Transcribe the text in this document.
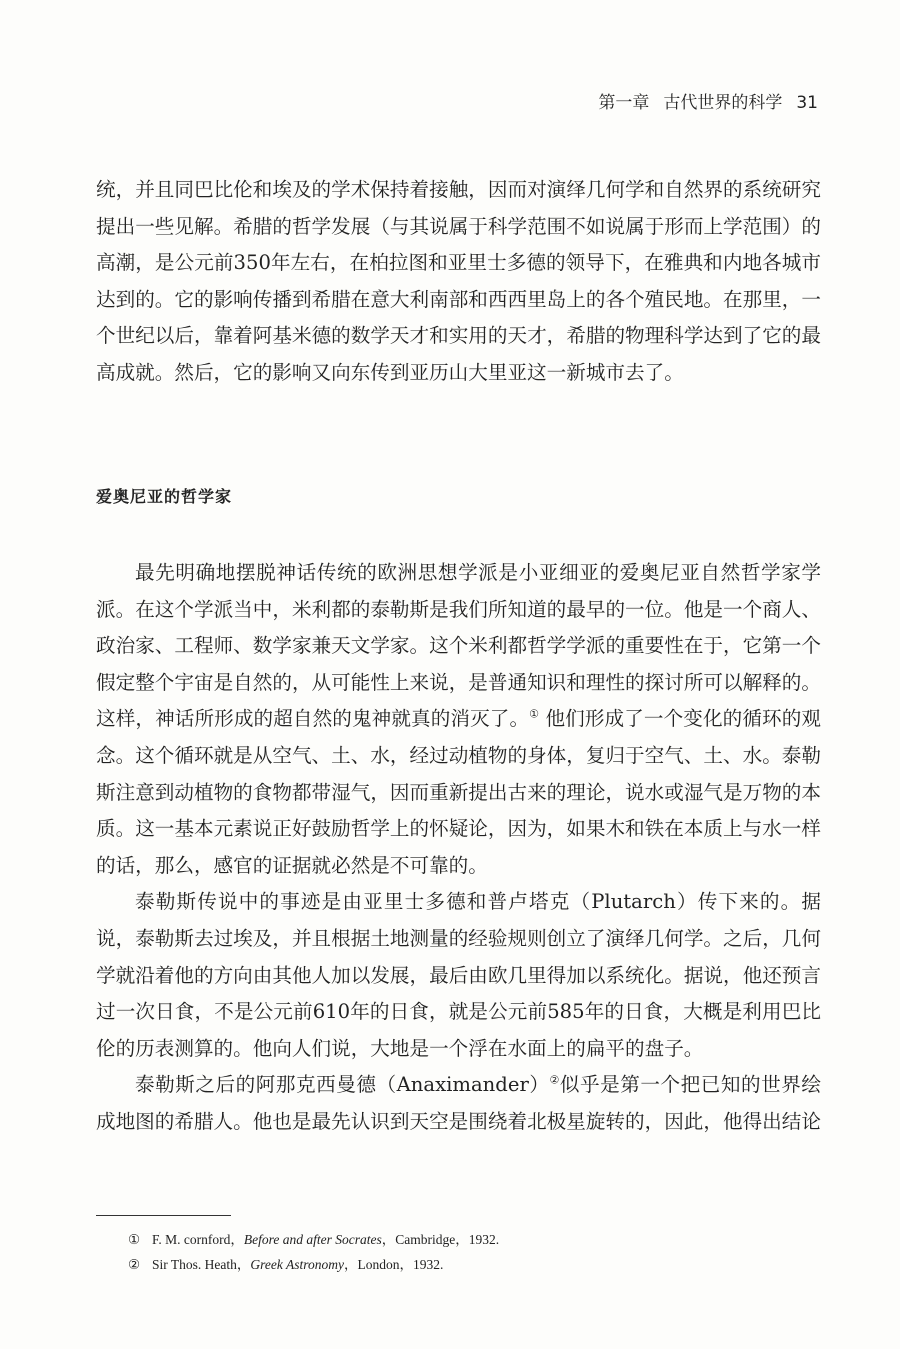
第一章 古代世界的科学 31

统，并且同巴比伦和埃及的学术保持着接触，因而对演绎几何学和自然界的系统研究提出一些见解。希腊的哲学发展（与其说属于科学范围不如说属于形而上学范围）的高潮，是公元前350年左右，在柏拉图和亚里士多德的领导下，在雅典和内地各城市达到的。它的影响传播到希腊在意大利南部和西西里岛上的各个殖民地。在那里，一个世纪以后，靠着阿基米德的数学天才和实用的天才，希腊的物理科学达到了它的最高成就。然后，它的影响又向东传到亚历山大里亚这一新城市去了。

爱奥尼亚的哲学家

最先明确地摆脱神话传统的欧洲思想学派是小亚细亚的爱奥尼亚自然哲学家学派。在这个学派当中，米利都的泰勒斯是我们所知道的最早的一位。他是一个商人、政治家、工程师、数学家兼天文学家。这个米利都哲学学派的重要性在于，它第一个假定整个宇宙是自然的，从可能性上来说，是普通知识和理性的探讨所可以解释的。这样，神话所形成的超自然的鬼神就真的消灭了。① 他们形成了一个变化的循环的观念。这个循环就是从空气、土、水，经过动植物的身体，复归于空气、土、水。泰勒斯注意到动植物的食物都带湿气，因而重新提出古来的理论，说水或湿气是万物的本质。这一基本元素说正好鼓励哲学上的怀疑论，因为，如果木和铁在本质上与水一样的话，那么，感官的证据就必然是不可靠的。

泰勒斯传说中的事迹是由亚里士多德和普卢塔克（Plutarch）传下来的。据说，泰勒斯去过埃及，并且根据土地测量的经验规则创立了演绎几何学。之后，几何学就沿着他的方向由其他人加以发展，最后由欧几里得加以系统化。据说，他还预言过一次日食，不是公元前610年的日食，就是公元前585年的日食，大概是利用巴比伦的历表测算的。他向人们说，大地是一个浮在水面上的扁平的盘子。

泰勒斯之后的阿那克西曼德（Anaximander）②似乎是第一个把已知的世界绘成地图的希腊人。他也是最先认识到天空是围绕着北极星旋转的，因此，他得出结论

① F. M. cornford，Before and after Socrates，Cambridge，1932.
② Sir Thos. Heath，Greek Astronomy，London，1932.
